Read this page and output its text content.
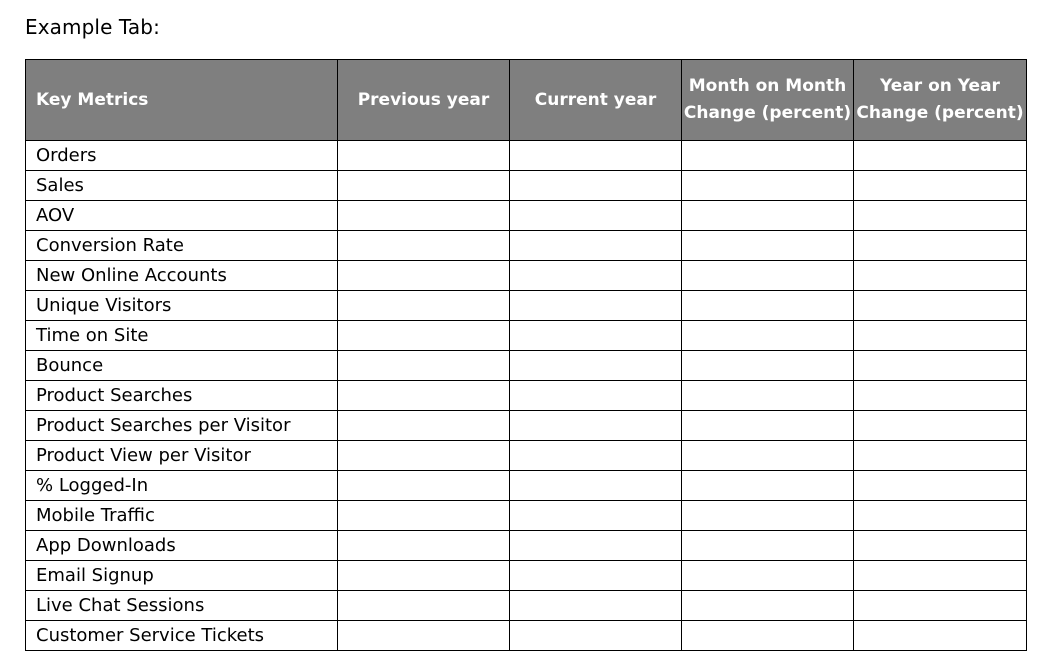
Example Tab:
Key Metrics	Previous year	Current year	Month on Month Change (percent)	Year on Year Change (percent)
Orders				
Sales				
AOV				
Conversion Rate				
New Online Accounts				
Unique Visitors				
Time on Site				
Bounce				
Product Searches				
Product Searches per Visitor				
Product View per Visitor				
% Logged-In				
Mobile Traffic				
App Downloads				
Email Signup				
Live Chat Sessions				
Customer Service Tickets				
